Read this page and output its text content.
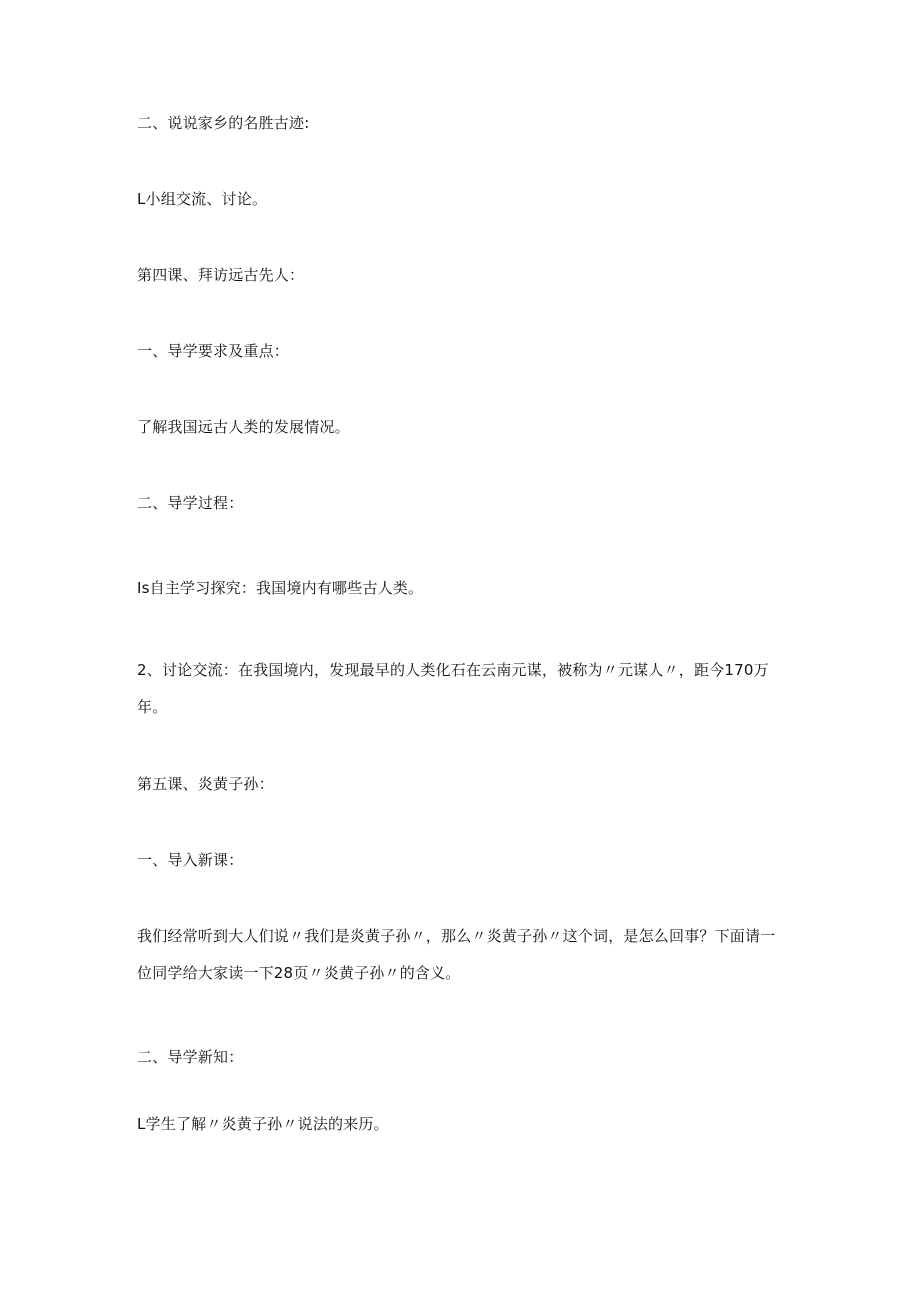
二、说说家乡的名胜古迹:
L小组交流、讨论。
第四课、拜访远古先人：
一、导学要求及重点：
了解我国远古人类的发展情况。
二、导学过程：
Is自主学习探究：我国境内有哪些古人类。
2、讨论交流：在我国境内，发现最早的人类化石在云南元谋，被称为〃元谋人〃，距今170万年。
第五课、炎黄子孙：
一、导入新课：
我们经常听到大人们说〃我们是炎黄子孙〃，那么〃炎黄子孙〃这个词，是怎么回事？下面请一位同学给大家读一下28页〃炎黄子孙〃的含义。
二、导学新知：
L学生了解〃炎黄子孙〃说法的来历。
